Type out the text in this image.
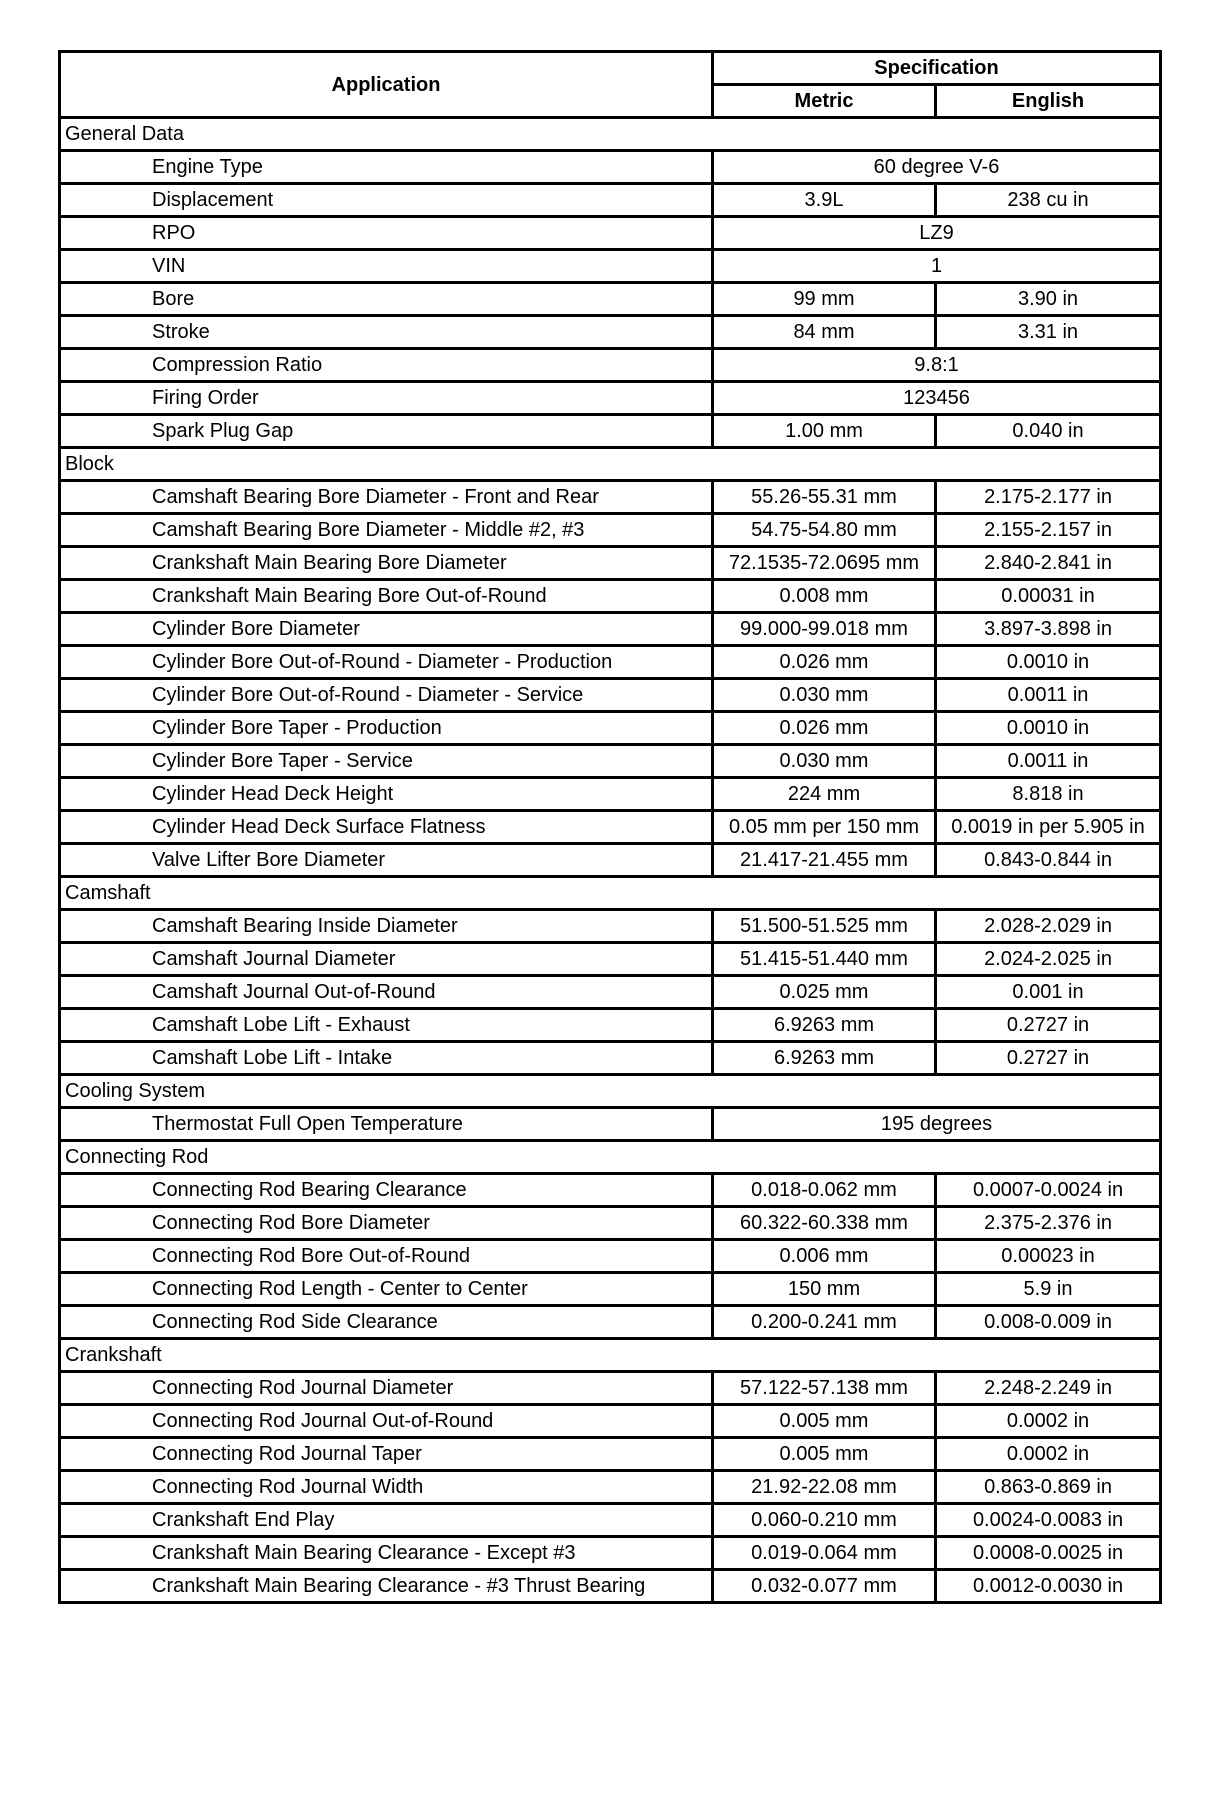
Application	Specification	
	Metric	English
General Data		
Engine Type	60 degree V-6	
Displacement	3.9L	238 cu in
RPO	LZ9	
VIN	1	
Bore	99 mm	3.90 in
Stroke	84 mm	3.31 in
Compression Ratio	9.8:1	
Firing Order	123456	
Spark Plug Gap	1.00 mm	0.040 in
Block		
Camshaft Bearing Bore Diameter - Front and Rear	55.26-55.31 mm	2.175-2.177 in
Camshaft Bearing Bore Diameter - Middle #2, #3	54.75-54.80 mm	2.155-2.157 in
Crankshaft Main Bearing Bore Diameter	72.1535-72.0695 mm	2.840-2.841 in
Crankshaft Main Bearing Bore Out-of-Round	0.008 mm	0.00031 in
Cylinder Bore Diameter	99.000-99.018 mm	3.897-3.898 in
Cylinder Bore Out-of-Round - Diameter - Production	0.026 mm	0.0010 in
Cylinder Bore Out-of-Round - Diameter - Service	0.030 mm	0.0011 in
Cylinder Bore Taper - Production	0.026 mm	0.0010 in
Cylinder Bore Taper - Service	0.030 mm	0.0011 in
Cylinder Head Deck Height	224 mm	8.818 in
Cylinder Head Deck Surface Flatness	0.05 mm per 150 mm	0.0019 in per 5.905 in
Valve Lifter Bore Diameter	21.417-21.455 mm	0.843-0.844 in
Camshaft		
Camshaft Bearing Inside Diameter	51.500-51.525 mm	2.028-2.029 in
Camshaft Journal Diameter	51.415-51.440 mm	2.024-2.025 in
Camshaft Journal Out-of-Round	0.025 mm	0.001 in
Camshaft Lobe Lift - Exhaust	6.9263 mm	0.2727 in
Camshaft Lobe Lift - Intake	6.9263 mm	0.2727 in
Cooling System		
Thermostat Full Open Temperature	195 degrees	
Connecting Rod		
Connecting Rod Bearing Clearance	0.018-0.062 mm	0.0007-0.0024 in
Connecting Rod Bore Diameter	60.322-60.338 mm	2.375-2.376 in
Connecting Rod Bore Out-of-Round	0.006 mm	0.00023 in
Connecting Rod Length - Center to Center	150 mm	5.9 in
Connecting Rod Side Clearance	0.200-0.241 mm	0.008-0.009 in
Crankshaft		
Connecting Rod Journal Diameter	57.122-57.138 mm	2.248-2.249 in
Connecting Rod Journal Out-of-Round	0.005 mm	0.0002 in
Connecting Rod Journal Taper	0.005 mm	0.0002 in
Connecting Rod Journal Width	21.92-22.08 mm	0.863-0.869 in
Crankshaft End Play	0.060-0.210 mm	0.0024-0.0083 in
Crankshaft Main Bearing Clearance - Except #3	0.019-0.064 mm	0.0008-0.0025 in
Crankshaft Main Bearing Clearance - #3 Thrust Bearing	0.032-0.077 mm	0.0012-0.0030 in
